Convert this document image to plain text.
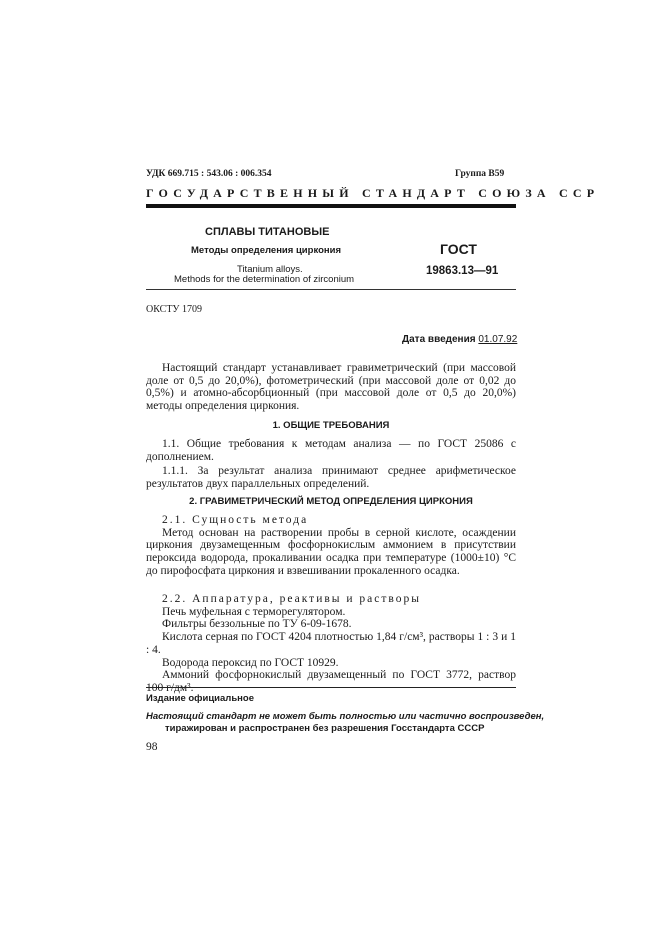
УДК 669.715 : 543.06 : 006.354	Группа В59
ГОСУДАРСТВЕННЫЙ СТАНДАРТ СОЮЗА ССР
СПЛАВЫ ТИТАНОВЫЕ
Методы определения циркония
Titanium alloys.
Methods for the determination of zirconium
ГОСТ
19863.13—91
ОКСТУ 1709
Дата введения 01.07.92
Настоящий стандарт устанавливает гравиметрический (при массовой доле от 0,5 до 20,0%), фотометрический (при массовой доле от 0,02 до 0,5%) и атомно-абсорбционный (при массовой доле от 0,5 до 20,0%) методы определения циркония.
1. ОБЩИЕ ТРЕБОВАНИЯ
1.1. Общие требования к методам анализа — по ГОСТ 25086 с дополнением.
1.1.1. За результат анализа принимают среднее арифметическое результатов двух параллельных определений.
2. ГРАВИМЕТРИЧЕСКИЙ МЕТОД ОПРЕДЕЛЕНИЯ ЦИРКОНИЯ
2.1. Сущность метода
Метод основан на растворении пробы в серной кислоте, осаждении циркония двузамещенным фосфорнокислым аммонием в присутствии пероксида водорода, прокаливании осадка при температуре (1000±10) °С до пирофосфата циркония и взвешивании прокаленного осадка.
2.2. Аппаратура, реактивы и растворы
Печь муфельная с терморегулятором.
Фильтры беззольные по ТУ 6-09-1678.
Кислота серная по ГОСТ 4204 плотностью 1,84 г/см³, раствоpы 1 : 3 и 1 : 4.
Водорода пероксид по ГОСТ 10929.
Аммоний фосфорнокислый двузамещенный по ГОСТ 3772, раствор
Издание официальное
Настоящий стандарт не может быть полностью или частично воспроизведен,
тиражирован и распространен без разрешения Госстандарта СССР
98
